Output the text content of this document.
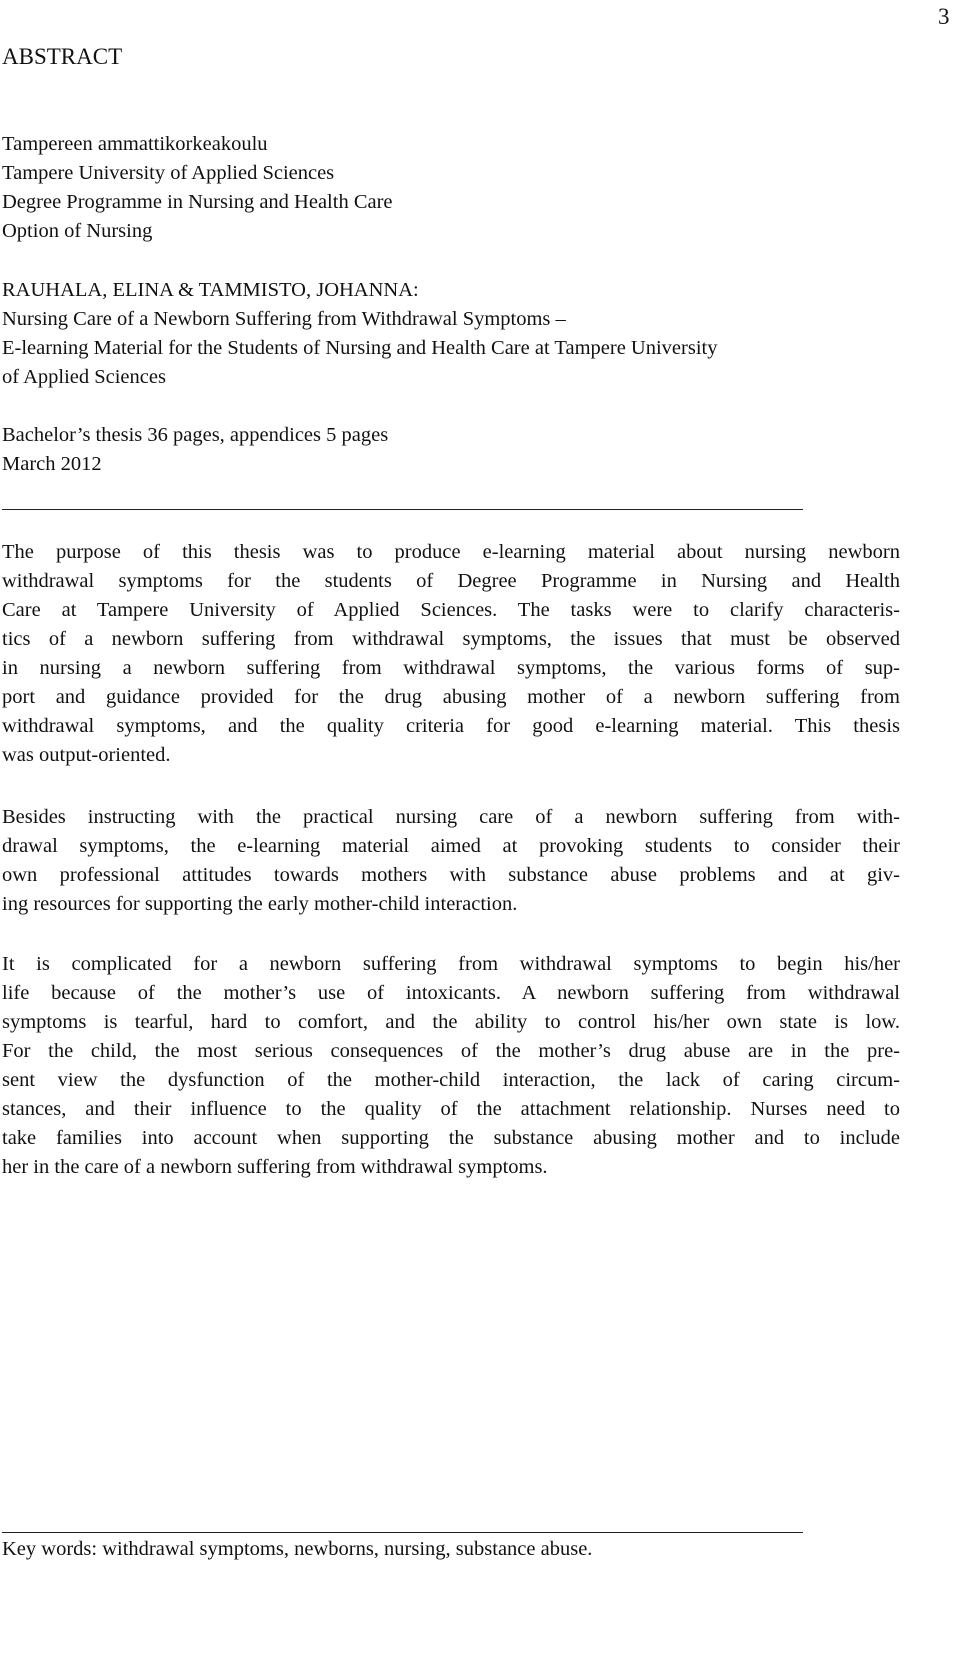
3
ABSTRACT
Tampereen ammattikorkeakoulu
Tampere University of Applied Sciences
Degree Programme in Nursing and Health Care
Option of Nursing
RAUHALA, ELINA & TAMMISTO, JOHANNA:
Nursing Care of a Newborn Suffering from Withdrawal Symptoms –
E-learning Material for the Students of Nursing and Health Care at Tampere University
of Applied Sciences
Bachelor’s thesis 36 pages, appendices 5 pages
March 2012
The purpose of this thesis was to produce e-learning material about nursing newborn
withdrawal symptoms for the students of Degree Programme in Nursing and Health
Care at Tampere University of Applied Sciences. The tasks were to clarify characteris-
tics of a newborn suffering from withdrawal symptoms, the issues that must be observed
in nursing a newborn suffering from withdrawal symptoms, the various forms of sup-
port and guidance provided for the drug abusing mother of a newborn suffering from
withdrawal symptoms, and the quality criteria for good e-learning material. This thesis
was output-oriented.
Besides instructing with the practical nursing care of a newborn suffering from with-
drawal symptoms, the e-learning material aimed at provoking students to consider their
own professional attitudes towards mothers with substance abuse problems and at giv-
ing resources for supporting the early mother-child interaction.
It is complicated for a newborn suffering from withdrawal symptoms to begin his/her
life because of the mother’s use of intoxicants. A newborn suffering from withdrawal
symptoms is tearful, hard to comfort, and the ability to control his/her own state is low.
For the child, the most serious consequences of the mother’s drug abuse are in the pre-
sent view the dysfunction of the mother-child interaction, the lack of caring circum-
stances, and their influence to the quality of the attachment relationship. Nurses need to
take families into account when supporting the substance abusing mother and to include
her in the care of a newborn suffering from withdrawal symptoms.
Key words: withdrawal symptoms, newborns, nursing, substance abuse.
